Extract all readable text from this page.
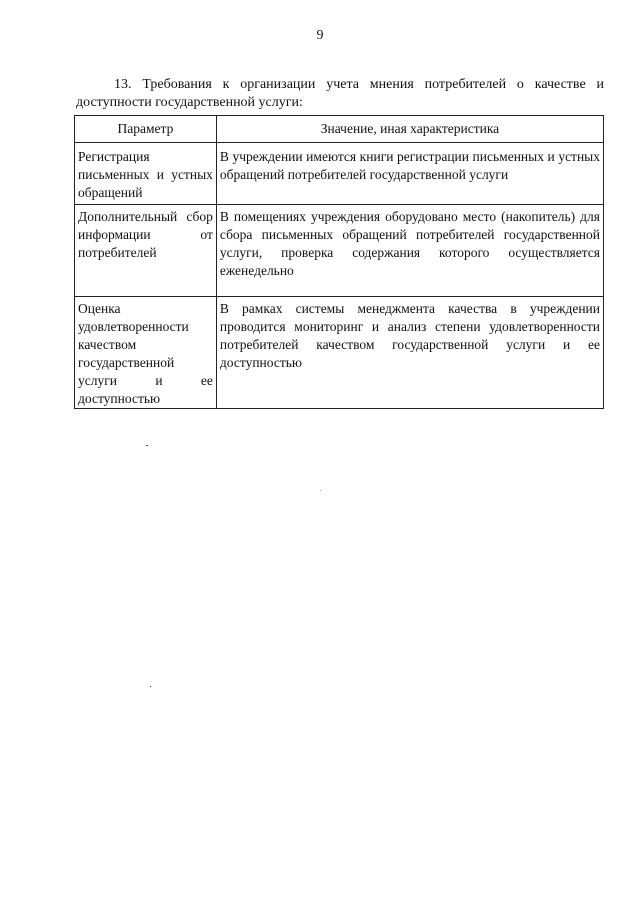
9

13. Требования к организации учета мнения потребителей о качестве и доступности государственной услуги:

Параметр	Значение, иная характеристика
Регистрация письменных и устных обращений	В учреждении имеются книги регистрации письменных и устных обращений потребителей государственной услуги
Дополнительный сбор информации от потребителей	В помещениях учреждения оборудовано место (накопитель) для сбора письменных обращений потребителей государственной услуги, проверка содержания которого осуществляется еженедельно
Оценка удовлетворенности качеством государственной услуги и ее доступностью	В рамках системы менеджмента качества в учреждении проводится мониторинг и анализ степени удовлетворенности потребителей качеством государственной услуги и ее доступностью
